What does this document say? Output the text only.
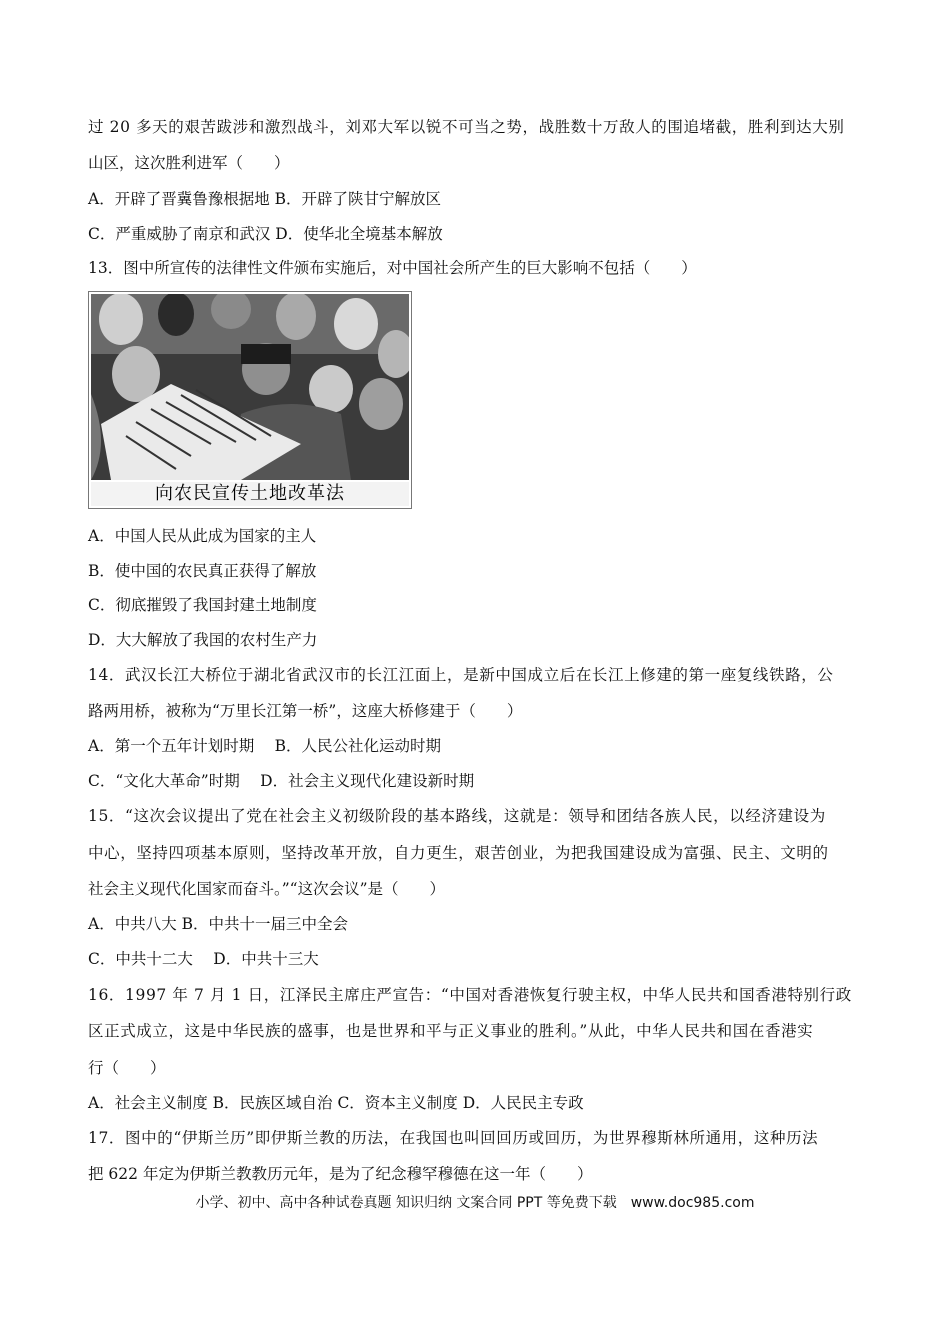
过 20 多天的艰苦跋涉和激烈战斗，刘邓大军以锐不可当之势，战胜数十万敌人的围追堵截，胜利到达大别
山区，这次胜利进军（　　）
A．开辟了晋冀鲁豫根据地 B．开辟了陕甘宁解放区
C．严重威胁了南京和武汉 D．使华北全境基本解放
13．图中所宣传的法律性文件颁布实施后，对中国社会所产生的巨大影响不包括（　　）
向农民宣传土地改革法
A．中国人民从此成为国家的主人
B．使中国的农民真正获得了解放
C．彻底摧毁了我国封建土地制度
D．大大解放了我国的农村生产力
14．武汉长江大桥位于湖北省武汉市的长江江面上，是新中国成立后在长江上修建的第一座复线铁路，公
路两用桥，被称为“万里长江第一桥”，这座大桥修建于（　　）
A．第一个五年计划时期　 B．人民公社化运动时期
C．“文化大革命”时期　 D．社会主义现代化建设新时期
15．“这次会议提出了党在社会主义初级阶段的基本路线，这就是：领导和团结各族人民，以经济建设为
中心，坚持四项基本原则，坚持改革开放，自力更生，艰苦创业，为把我国建设成为富强、民主、文明的
社会主义现代化国家而奋斗。”“这次会议”是（　　）
A．中共八大 B．中共十一届三中全会
C．中共十二大　 D．中共十三大
16．1997 年 7 月 1 日，江泽民主席庄严宣告：“中国对香港恢复行驶主权，中华人民共和国香港特别行政
区正式成立，这是中华民族的盛事，也是世界和平与正义事业的胜利。”从此，中华人民共和国在香港实
行（　　）
A．社会主义制度 B．民族区域自治 C．资本主义制度 D．人民民主专政
17．图中的“伊斯兰历”即伊斯兰教的历法，在我国也叫回回历或回历，为世界穆斯林所通用，这种历法
把 622 年定为伊斯兰教教历元年，是为了纪念穆罕穆德在这一年（　　）
小学、初中、高中各种试卷真题 知识归纳 文案合同 PPT 等免费下载　www.doc985.com
